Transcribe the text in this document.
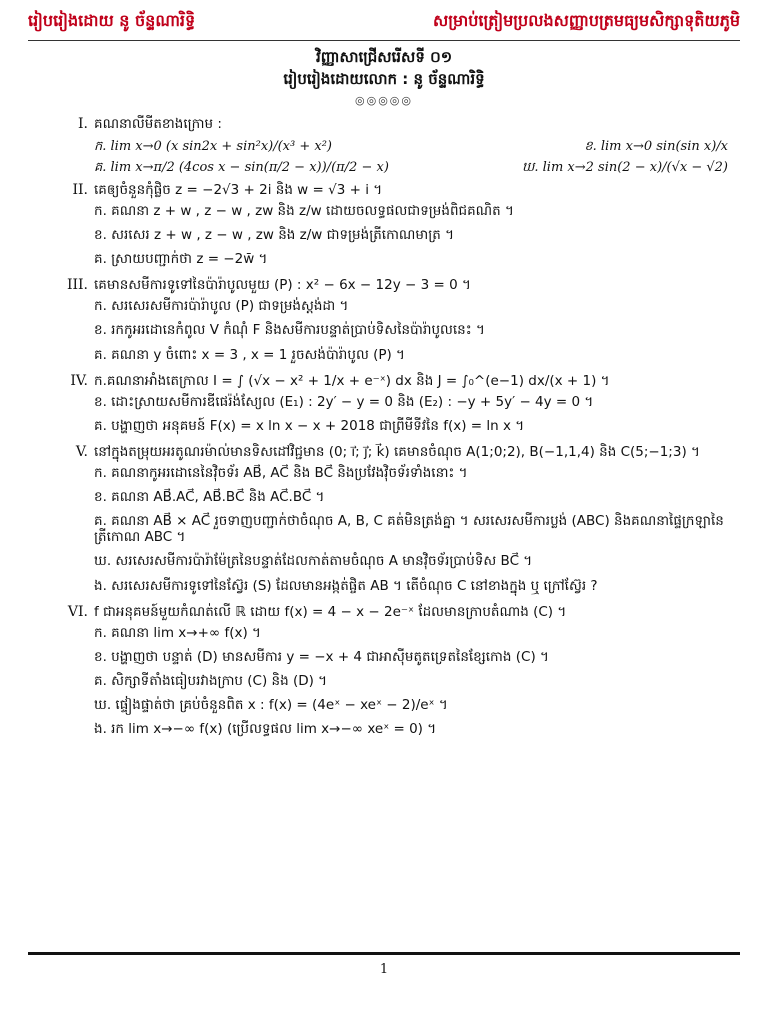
រៀបរៀងដោយ នូ ច័ន្ទណារិទ្ធិ	សម្រាប់ត្រៀមប្រលងសញ្ញាបត្រមធ្យមសិក្សាទុតិយភូមិ
វិញ្ញាសាជ្រើសរើសទី ០១
រៀបរៀងដោយលោក : នូ ច័ន្ទណារិទ្ធិ
◎◎◎◎◎
I. គណនាលីមីតខាងក្រោម :
ក. lim x→0 (x sin2x + sin²x)/(x³ + x²)	ខ. lim x→0 sin(sin x)/x
គ. lim x→π/2 (4cos x − sin(π/2 − x))/(π/2 − x)	ឃ. lim x→2 sin(2 − x)/(√x − √2)
II. គេឲ្យចំនួនកុំផ្លិច z = −2√3 + 2i និង w = √3 + i ។
ក. គណនា z + w , z − w , zw និង z/w ដោយចលទ្ធផលជាទម្រង់ពិជគណិត ។
ខ. សរសេរ z + w , z − w , zw និង z/w ជាទម្រង់ត្រីកោណមាត្រ ។
គ. ស្រាយបញ្ជាក់ថា z = −2w̄ ។
III. គេមានសមីការទូទៅនៃប៉ារ៉ាបូលមួយ (P) : x² − 6x − 12y − 3 = 0 ។
ក. សរសេរសមីការប៉ារ៉ាបូល (P) ជាទម្រង់ស្តង់ដា ។
ខ. រកកូអរដោនេកំពូល V កំណុំ F និងសមីការបន្ទាត់ប្រាប់ទិសនៃប៉ារ៉ាបូលនេះ ។
គ. គណនា y ចំពោះ x = 3 , x = 1 រួចសង់ប៉ារ៉ាបូល (P) ។
IV. ក.គណនាអាំងតេក្រាល I = ∫ (√x − x² + 1/x + e⁻ˣ) dx និង J = ∫₀^(e−1) dx/(x + 1) ។
ខ. ដោះស្រាយសមីការឌីផេរ៉ង់ស្យែល (E₁) : 2y′ − y = 0 និង (E₂) : −y + 5y′ − 4y = 0 ។
គ. បង្ហាញថា អនុគមន៍ F(x) = x ln x − x + 2018 ជាព្រីមីទីវនៃ f(x) = ln x ។
V. នៅក្នុងតម្រុយអរតូណរម៉ាល់មានទិសដៅវិជ្ជមាន (0; i⃗; j⃗; k⃗) គេមានចំណុច A(1;0;2), B(−1,1,4) និង C(5;−1;3) ។
ក. គណនាកូអរដោនេនៃវ៉ិចទ័រ AB⃗, AC⃗ និង BC⃗ និងប្រវែងវ៉ិចទ័រទាំងនោះ ។
ខ. គណនា AB⃗.AC⃗, AB⃗.BC⃗ និង AC⃗.BC⃗ ។
គ. គណនា AB⃗ × AC⃗ រួចទាញបញ្ជាក់ថាចំណុច A, B, C គត់មិនត្រង់គ្នា ។ សរសេរសមីការប្លង់ (ABC) និងគណនាផ្ទៃក្រឡានៃត្រីកោណ ABC ។
ឃ. សរសេរសមីការប៉ារ៉ាម៉ែត្រនៃបន្ទាត់ដែលកាត់តាមចំណុច A មានវ៉ិចទ័រប្រាប់ទិស BC⃗ ។
ង. សរសេរសមីការទូទៅនៃស្វ៊ែរ (S) ដែលមានអង្កត់ផ្ចិត AB ។ តើចំណុច C នៅខាងក្នុង ឬ ក្រៅស្វ៊ែរ ?
VI. f ជាអនុគមន៍មួយកំណត់លើ ℝ ដោយ f(x) = 4 − x − 2e⁻ˣ ដែលមានក្រាបតំណាង (C) ។
ក. គណនា lim x→+∞ f(x) ។
ខ. បង្ហាញថា បន្ទាត់ (D) មានសមីការ y = −x + 4 ជាអាស៊ីមតូតទ្រេតនៃខ្សែកោង (C) ។
គ. សិក្សាទីតាំងធៀបរវាងក្រាប (C) និង (D) ។
ឃ. ផ្ទៀងផ្ទាត់ថា គ្រប់ចំនួនពិត x : f(x) = (4eˣ − xeˣ − 2)/eˣ ។
ង. រក lim x→−∞ f(x) (ប្រើលទ្ធផល lim x→−∞ xeˣ = 0) ។
1
